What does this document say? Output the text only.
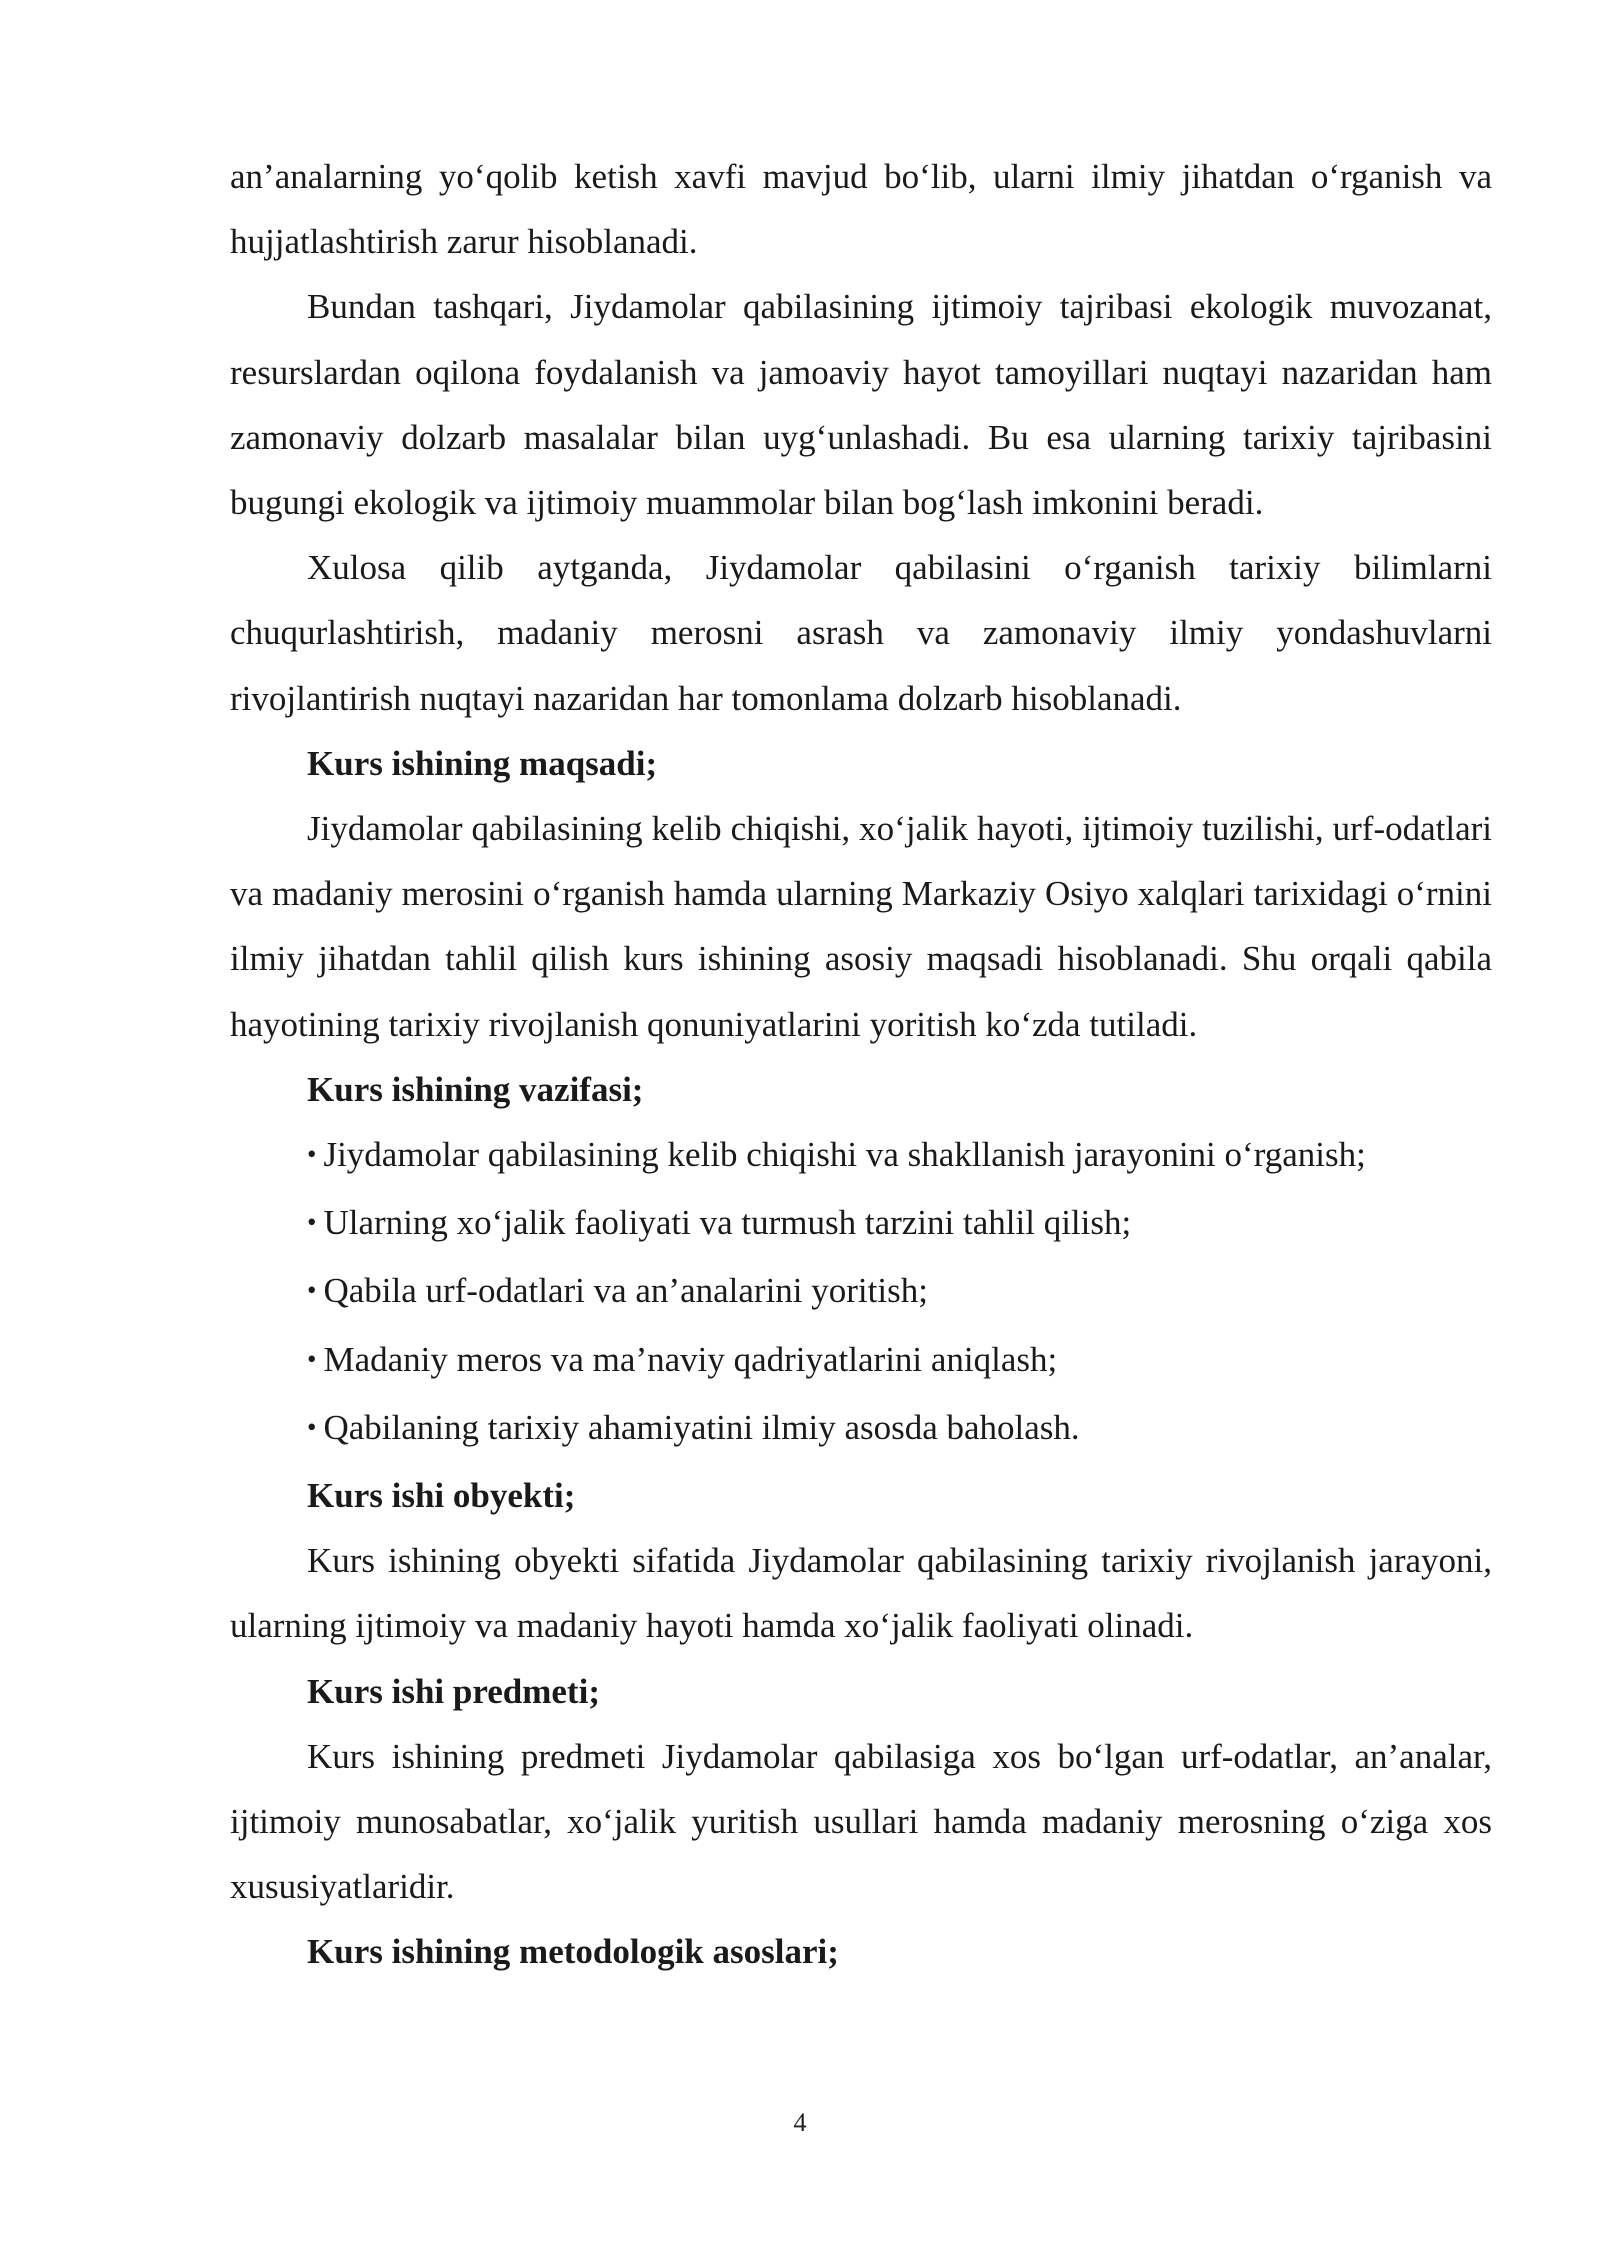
an’analarning yo‘qolib ketish xavfi mavjud bo‘lib, ularni ilmiy jihatdan o‘rganish va hujjatlashtirish zarur hisoblanadi.

Bundan tashqari, Jiydamolar qabilasining ijtimoiy tajribasi ekologik muvozanat, resurslardan oqilona foydalanish va jamoaviy hayot tamoyillari nuqtayi nazaridan ham zamonaviy dolzarb masalalar bilan uyg‘unlashadi. Bu esa ularning tarixiy tajribasini bugungi ekologik va ijtimoiy muammolar bilan bog‘lash imkonini beradi.

Xulosa qilib aytganda, Jiydamolar qabilasini o‘rganish tarixiy bilimlarni chuqurlashtirish, madaniy merosni asrash va zamonaviy ilmiy yondashuvlarni rivojlantirish nuqtayi nazaridan har tomonlama dolzarb hisoblanadi.

Kurs ishining maqsadi;

Jiydamolar qabilasining kelib chiqishi, xo‘jalik hayoti, ijtimoiy tuzilishi, urf-odatlari va madaniy merosini o‘rganish hamda ularning Markaziy Osiyo xalqlari tarixidagi o‘rnini ilmiy jihatdan tahlil qilish kurs ishining asosiy maqsadi hisoblanadi. Shu orqali qabila hayotining tarixiy rivojlanish qonuniyatlarini yoritish ko‘zda tutiladi.

Kurs ishining vazifasi;

• Jiydamolar qabilasining kelib chiqishi va shakllanish jarayonini o‘rganish;

• Ularning xo‘jalik faoliyati va turmush tarzini tahlil qilish;

• Qabila urf-odatlari va an’analarini yoritish;

• Madaniy meros va ma’naviy qadriyatlarini aniqlash;

• Qabilaning tarixiy ahamiyatini ilmiy asosda baholash.

Kurs ishi obyekti;

Kurs ishining obyekti sifatida Jiydamolar qabilasining tarixiy rivojlanish jarayoni, ularning ijtimoiy va madaniy hayoti hamda xo‘jalik faoliyati olinadi.

Kurs ishi predmeti;

Kurs ishining predmeti Jiydamolar qabilasiga xos bo‘lgan urf-odatlar, an’analar, ijtimoiy munosabatlar, xo‘jalik yuritish usullari hamda madaniy merosning o‘ziga xos xususiyatlaridir.

Kurs ishining metodologik asoslari;

4
